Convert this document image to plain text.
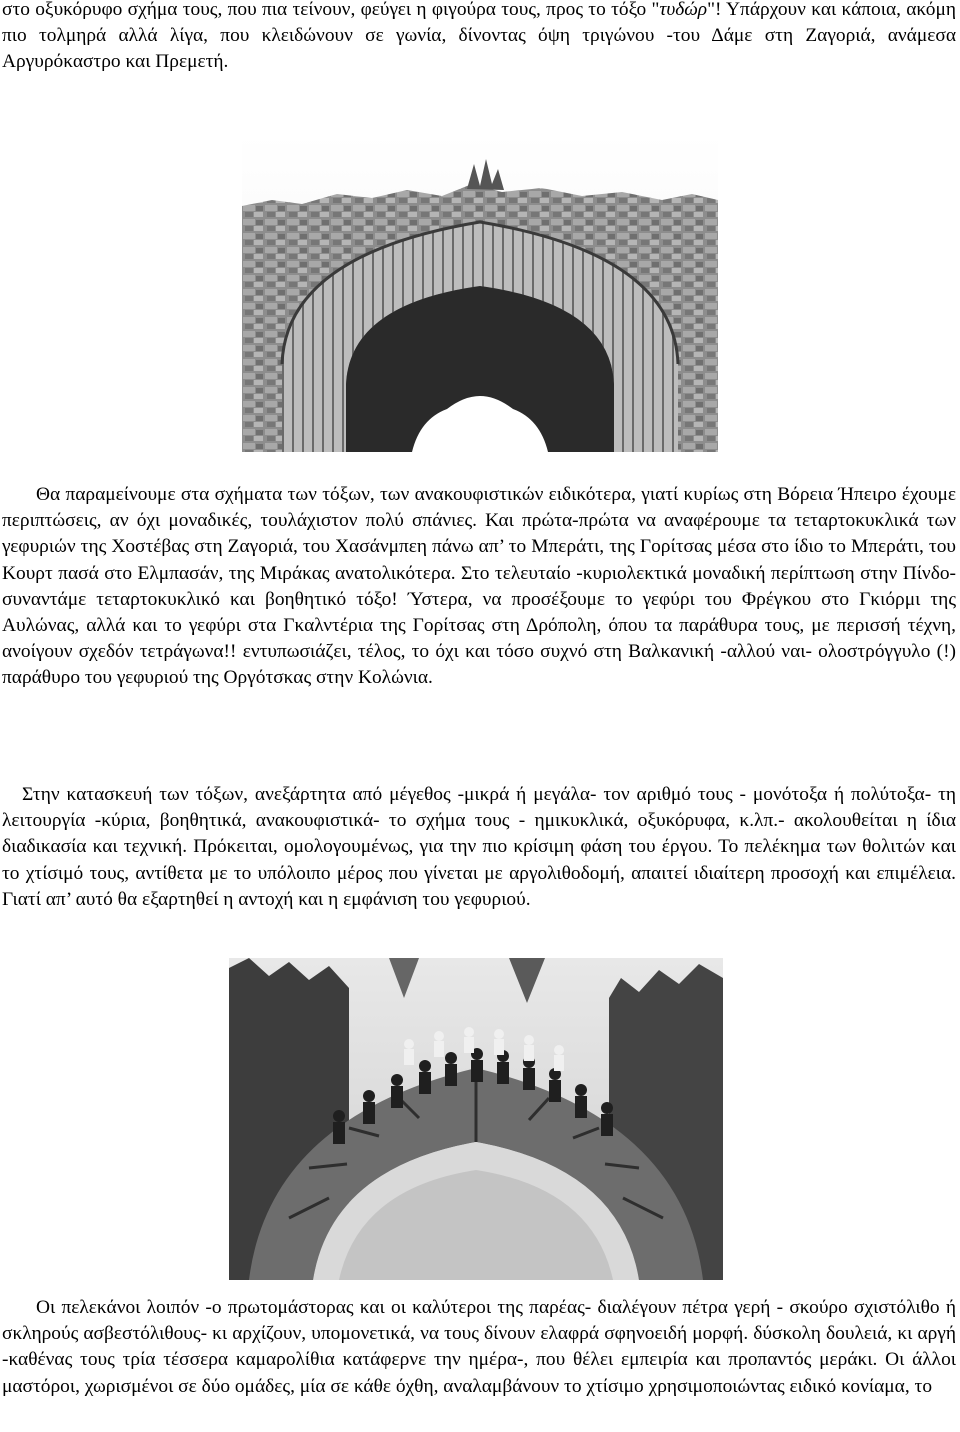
στο οξυκόρυφο σχήμα τους, που πια τείνουν, φεύγει η φιγούρα τους, προς το τόξο "τυδώρ"! Υπάρχουν και κάποια, ακόμη πιο τολμηρά αλλά λίγα, που κλειδώνουν σε γωνία, δίνοντας όψη τριγώνου -του Δάμε στη Ζαγοριά, ανάμεσα Αργυρόκαστρο και Πρεμετή.

Θα παραμείνουμε στα σχήματα των τόξων, των ανακουφιστικών ειδικότερα, γιατί κυρίως στη Βόρεια Ήπειρο έχουμε περιπτώσεις, αν όχι μοναδικές, τουλάχιστον πολύ σπάνιες. Και πρώτα-πρώτα να αναφέρουμε τα τεταρτοκυκλικά των γεφυριών της Χοστέβας στη Ζαγοριά, του Χασάνμπεη πάνω απ’ το Μπεράτι, της Γορίτσας μέσα στο ίδιο το Μπεράτι, του Κουρτ πασά στο Ελμπασάν, της Μιράκας ανατολικότερα. Στο τελευταίο -κυριολεκτικά μοναδική περίπτωση στην Πίνδο- συναντάμε τεταρτοκυκλικό και βοηθητικό τόξο! Ύστερα, να προσέξουμε το γεφύρι του Φρέγκου στο Γκιόρμι της Αυλώνας, αλλά και το γεφύρι στα Γκαλντέρια της Γορίτσας στη Δρόπολη, όπου τα παράθυρα τους, με περισσή τέχνη, ανοίγουν σχεδόν τετράγωνα!! εντυπωσιάζει, τέλος, το όχι και τόσο συχνό στη Βαλκανική -αλλού ναι- ολοστρόγγυλο (!) παράθυρο του γεφυριού της Οργότσκας στην Κολώνια.

Στην κατασκευή των τόξων, ανεξάρτητα από μέγεθος -μικρά ή μεγάλα- τον αριθμό τους - μονότοξα ή πολύτοξα- τη λειτουργία -κύρια, βοηθητικά, ανακουφιστικά- το σχήμα τους - ημικυκλικά, οξυκόρυφα, κ.λπ.- ακολουθείται η ίδια διαδικασία και τεχνική. Πρόκειται, ομολογουμένως, για την πιο κρίσιμη φάση του έργου. Το πελέκημα των θολιτών και το χτίσιμό τους, αντίθετα με το υπόλοιπο μέρος που γίνεται με αργολιθοδομή, απαιτεί ιδιαίτερη προσοχή και επιμέλεια. Γιατί απ’ αυτό θα εξαρτηθεί η αντοχή και η εμφάνιση του γεφυριού.

Οι πελεκάνοι λοιπόν -ο πρωτομάστορας και οι καλύτεροι της παρέας- διαλέγουν πέτρα γερή - σκούρο σχιστόλιθο ή σκληρούς ασβεστόλιθους- κι αρχίζουν, υπομονετικά, να τους δίνουν ελαφρά σφηνοειδή μορφή. δύσκολη δουλειά, κι αργή -καθένας τους τρία τέσσερα καμαρολίθια κατάφερνε την ημέρα-, που θέλει εμπειρία και προπαντός μεράκι. Οι άλλοι μαστόροι, χωρισμένοι σε δύο ομάδες, μία σε κάθε όχθη, αναλαμβάνουν το χτίσιμο χρησιμοποιώντας ειδικό κονίαμα, το
